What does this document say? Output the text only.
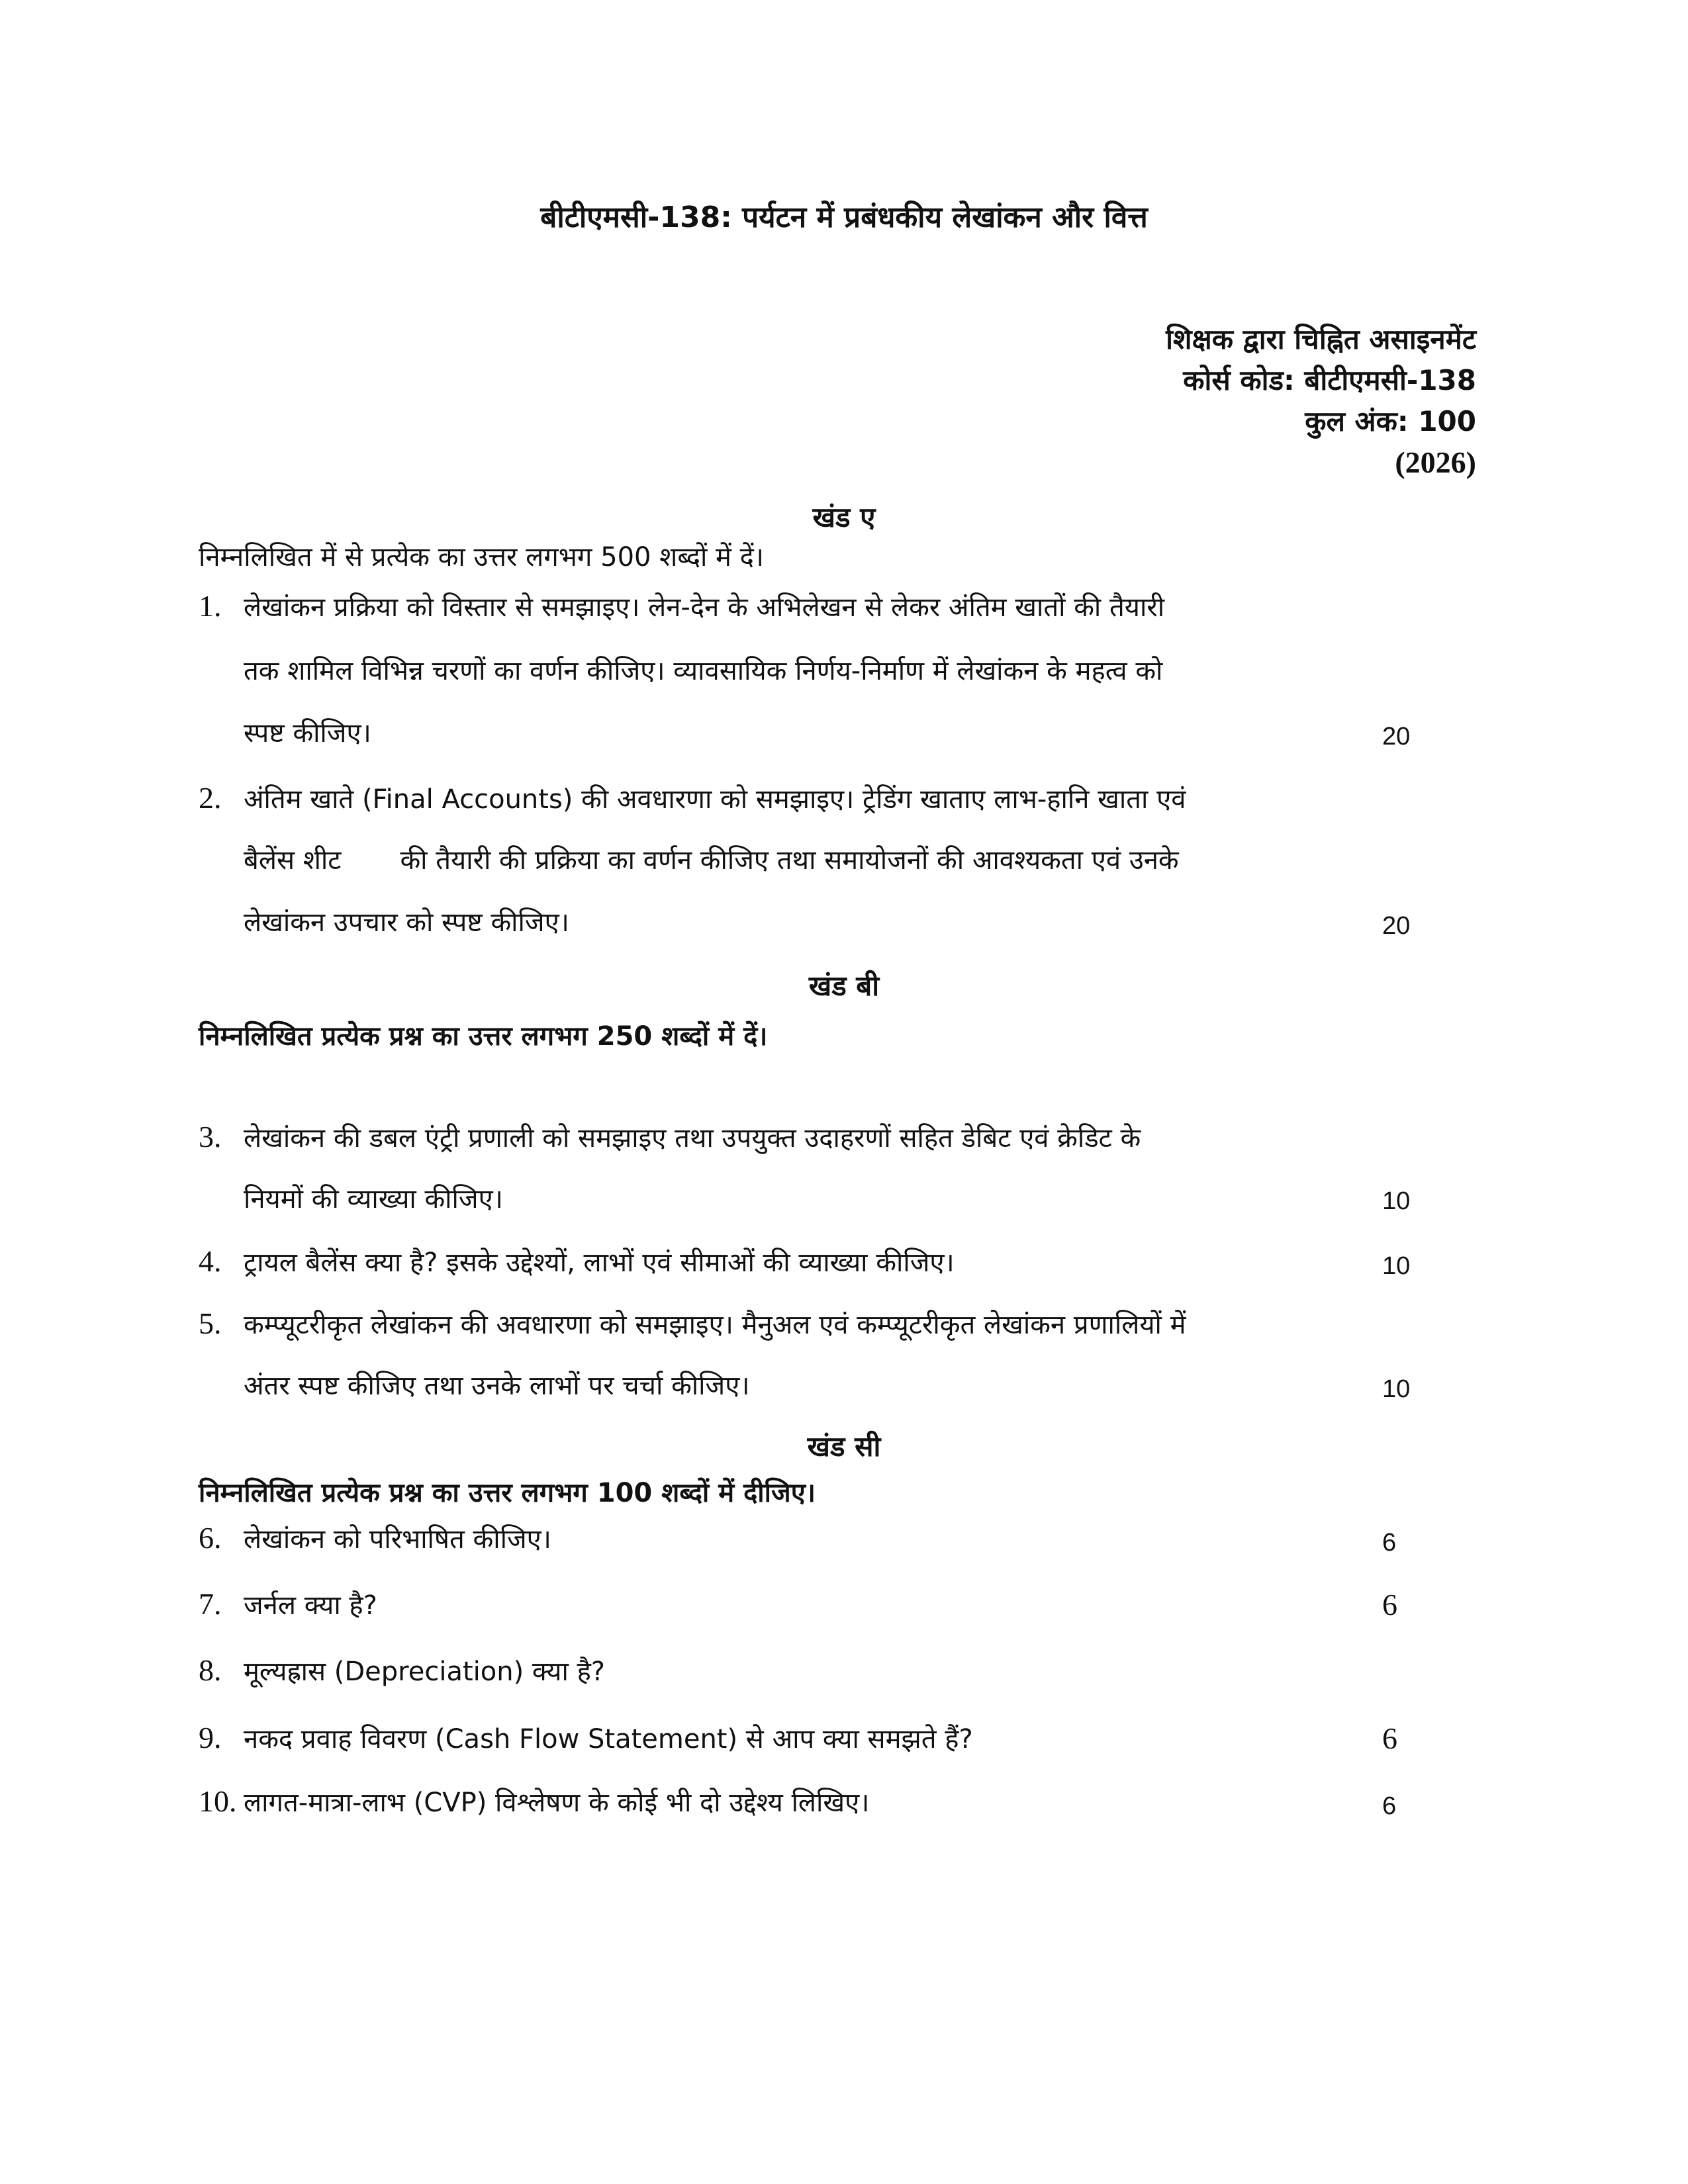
बीटीएमसी-138: पर्यटन में प्रबंधकीय लेखांकन और वित्त
शिक्षक द्वारा चिह्नित असाइनमेंट
कोर्स कोड: बीटीएमसी-138
कुल अंक: 100
(2026)
खंड ए
निम्नलिखित में से प्रत्येक का उत्तर लगभग 500 शब्दों में दें।
1. लेखांकन प्रक्रिया को विस्तार से समझाइए। लेन-देन के अभिलेखन से लेकर अंतिम खातों की तैयारी
तक शामिल विभिन्न चरणों का वर्णन कीजिए। व्यावसायिक निर्णय-निर्माण में लेखांकन के महत्व को
स्पष्ट कीजिए।	20
2. अंतिम खाते (Final Accounts) की अवधारणा को समझाइए। ट्रेडिंग खाताए लाभ-हानि खाता एवं
बैलेंस शीट       की तैयारी की प्रक्रिया का वर्णन कीजिए तथा समायोजनों की आवश्यकता एवं उनके
लेखांकन उपचार को स्पष्ट कीजिए।	20
खंड बी
निम्नलिखित प्रत्येक प्रश्न का उत्तर लगभग 250 शब्दों में दें।
3. लेखांकन की डबल एंट्री प्रणाली को समझाइए तथा उपयुक्त उदाहरणों सहित डेबिट एवं क्रेडिट के
नियमों की व्याख्या कीजिए।	10
4. ट्रायल बैलेंस क्या है? इसके उद्देश्यों, लाभों एवं सीमाओं की व्याख्या कीजिए।	10
5. कम्प्यूटरीकृत लेखांकन की अवधारणा को समझाइए। मैनुअल एवं कम्प्यूटरीकृत लेखांकन प्रणालियों में
अंतर स्पष्ट कीजिए तथा उनके लाभों पर चर्चा कीजिए।	10
खंड सी
निम्नलिखित प्रत्येक प्रश्न का उत्तर लगभग 100 शब्दों में दीजिए।
6. लेखांकन को परिभाषित कीजिए।	6
7. जर्नल क्या है?	6
8. मूल्यह्रास (Depreciation) क्या है?
9. नकद प्रवाह विवरण (Cash Flow Statement) से आप क्या समझते हैं?	6
10. लागत-मात्रा-लाभ (CVP) विश्लेषण के कोई भी दो उद्देश्य लिखिए।	6
